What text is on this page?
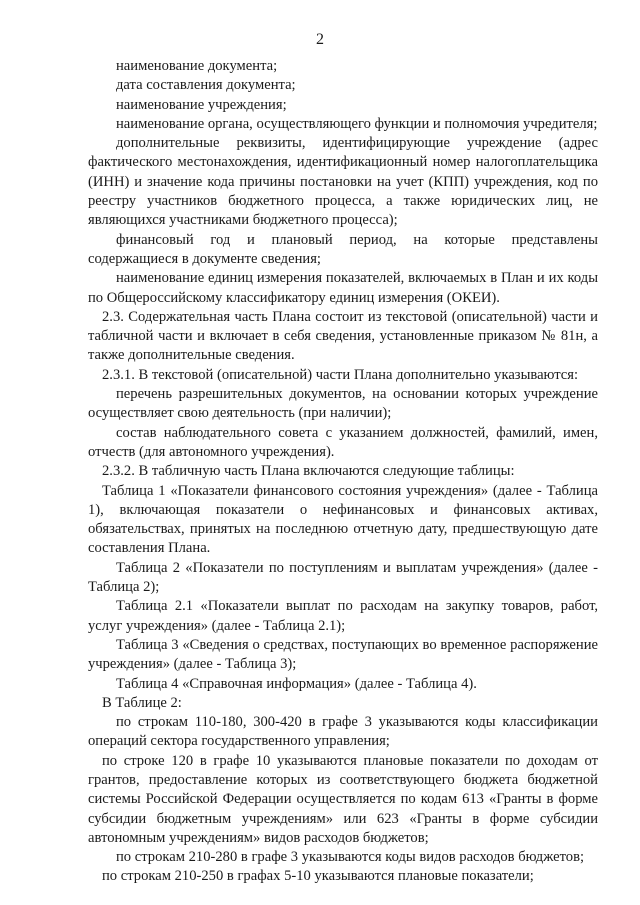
2

наименование документа;

дата составления документа;

наименование учреждения;

наименование органа, осуществляющего функции и полномочия учредителя;

дополнительные реквизиты, идентифицирующие учреждение (адрес фактического местонахождения, идентификационный номер налогоплательщика (ИНН) и значение кода причины постановки на учет (КПП) учреждения, код по реестру участников бюджетного процесса, а также юридических лиц, не являющихся участниками бюджетного процесса);

финансовый год и плановый период, на которые представлены содержащиеся в документе сведения;

наименование единиц измерения показателей, включаемых в План и их коды по Общероссийскому классификатору единиц измерения (ОКЕИ).

2.3. Содержательная часть Плана состоит из текстовой (описательной) части и табличной части и включает в себя сведения, установленные приказом № 81н, а также дополнительные сведения.

2.3.1. В текстовой (описательной) части Плана дополнительно указываются:

перечень разрешительных документов, на основании которых учреждение осуществляет свою деятельность (при наличии);

состав наблюдательного совета с указанием должностей, фамилий, имен, отчеств (для автономного учреждения).

2.3.2. В табличную часть Плана включаются следующие таблицы:

Таблица 1 «Показатели финансового состояния учреждения» (далее - Таблица 1), включающая показатели о нефинансовых и финансовых активах, обязательствах, принятых на последнюю отчетную дату, предшествующую дате составления Плана.

Таблица 2 «Показатели по поступлениям и выплатам учреждения» (далее - Таблица 2);

Таблица 2.1 «Показатели выплат по расходам на закупку товаров, работ, услуг учреждения» (далее - Таблица 2.1);

Таблица 3 «Сведения о средствах, поступающих во временное распоряжение учреждения» (далее - Таблица 3);

Таблица 4 «Справочная информация» (далее - Таблица 4).

В Таблице 2:

по строкам 110-180, 300-420 в графе 3 указываются коды классификации операций сектора государственного управления;

по строке 120 в графе 10 указываются плановые показатели по доходам от грантов, предоставление которых из соответствующего бюджета бюджетной системы Российской Федерации осуществляется по кодам 613 «Гранты в форме субсидии бюджетным учреждениям» или 623 «Гранты в форме субсидии автономным учреждениям» видов расходов бюджетов;

по строкам 210-280 в графе 3 указываются коды видов расходов бюджетов;

по строкам 210-250 в графах 5-10 указываются плановые показатели;
